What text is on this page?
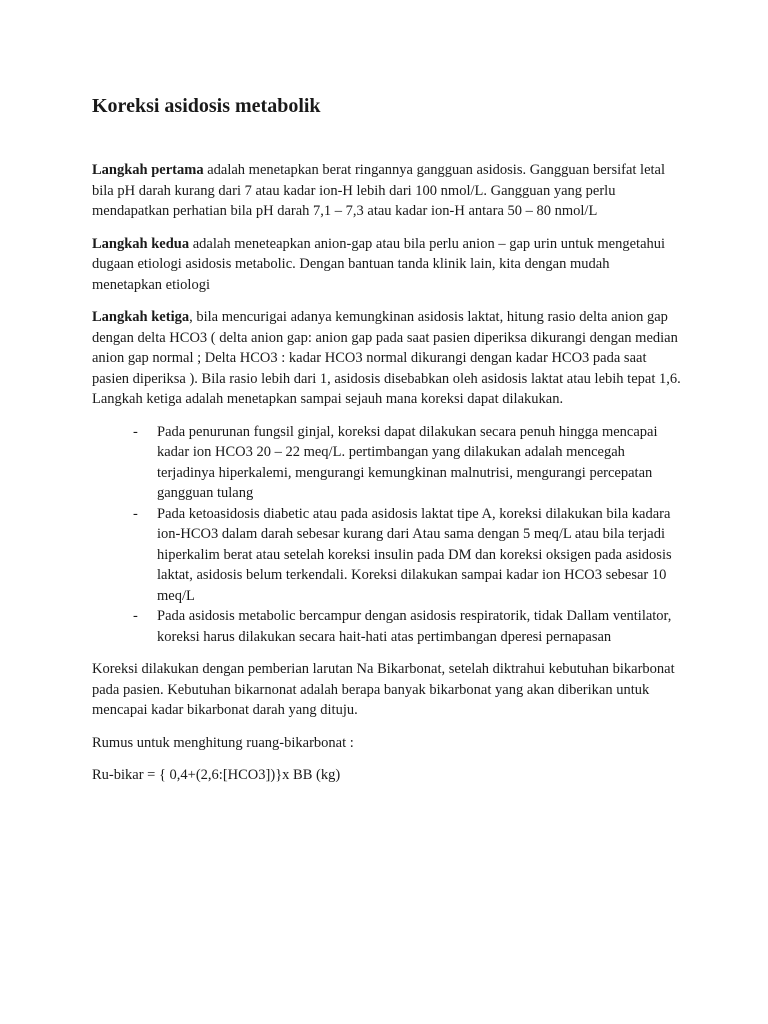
Koreksi asidosis metabolik

Langkah pertama adalah menetapkan berat ringannya gangguan asidosis. Gangguan bersifat letal bila pH darah kurang dari 7 atau kadar ion-H lebih dari 100 nmol/L. Gangguan yang perlu mendapatkan perhatian bila pH darah 7,1 – 7,3 atau kadar ion-H antara 50 – 80 nmol/L

Langkah kedua adalah meneteapkan anion-gap atau bila perlu anion – gap urin untuk mengetahui dugaan etiologi asidosis metabolic. Dengan bantuan tanda klinik lain, kita dengan mudah menetapkan etiologi

Langkah ketiga, bila mencurigai adanya kemungkinan asidosis laktat, hitung rasio delta anion gap dengan delta HCO3 ( delta anion gap: anion gap pada saat pasien diperiksa dikurangi dengan median anion gap normal ; Delta HCO3 : kadar HCO3 normal dikurangi dengan kadar HCO3 pada saat pasien diperiksa ). Bila rasio lebih dari 1, asidosis disebabkan oleh asidosis laktat atau lebih tepat 1,6. Langkah ketiga adalah menetapkan sampai sejauh mana koreksi dapat dilakukan.

- Pada penurunan fungsil ginjal, koreksi dapat dilakukan secara penuh hingga mencapai kadar ion HCO3 20 – 22 meq/L. pertimbangan yang dilakukan adalah mencegah terjadinya hiperkalemi, mengurangi kemungkinan malnutrisi, mengurangi percepatan gangguan tulang
- Pada ketoasidosis diabetic atau pada asidosis laktat tipe A, koreksi dilakukan bila kadara ion-HCO3 dalam darah sebesar kurang dari Atau sama dengan 5 meq/L atau bila terjadi hiperkalim berat atau setelah koreksi insulin pada DM dan koreksi oksigen pada asidosis laktat, asidosis belum terkendali. Koreksi dilakukan sampai kadar ion HCO3 sebesar 10 meq/L
- Pada asidosis metabolic bercampur dengan asidosis respiratorik, tidak Dallam ventilator, koreksi harus dilakukan secara hait-hati atas pertimbangan dperesi pernapasan

Koreksi dilakukan dengan pemberian larutan Na Bikarbonat, setelah diktrahui kebutuhan bikarbonat pada pasien. Kebutuhan bikarnonat adalah berapa banyak bikarbonat yang akan diberikan untuk mencapai kadar bikarbonat darah yang dituju.

Rumus untuk menghitung ruang-bikarbonat :

Ru-bikar = { 0,4+(2,6:[HCO3])}x BB (kg)
